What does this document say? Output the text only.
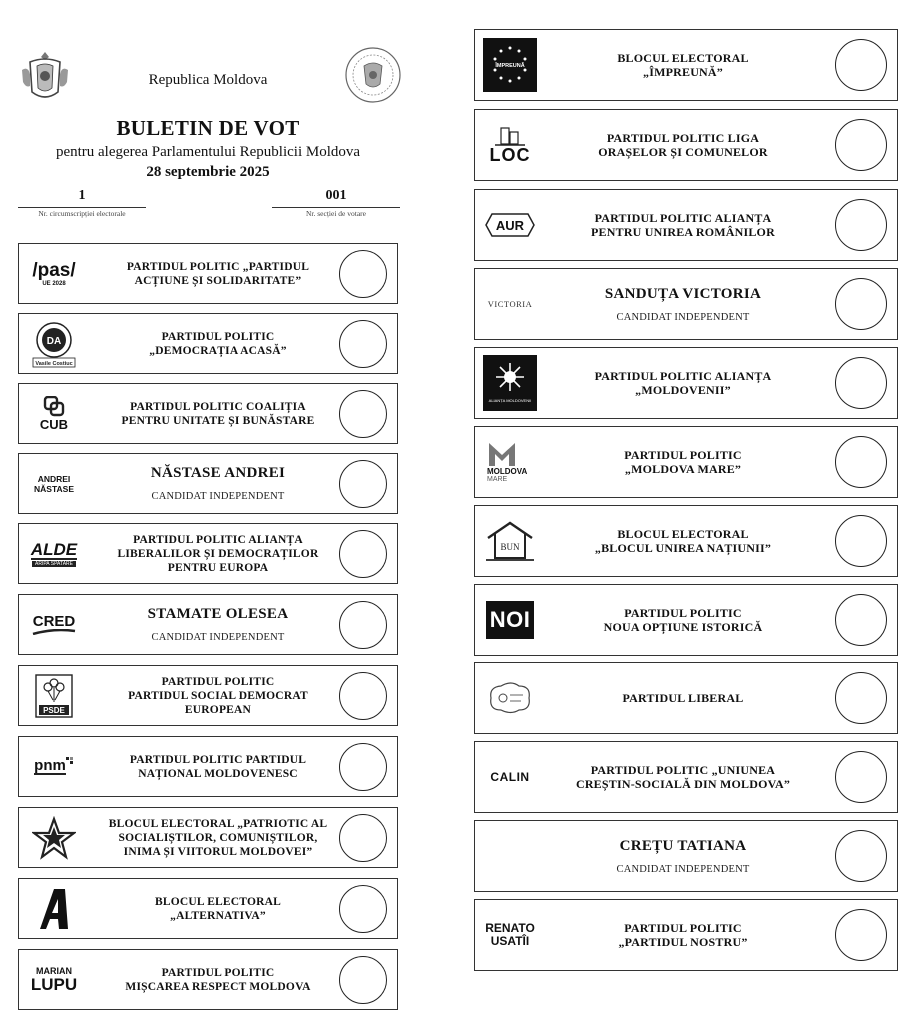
Republica Moldova
BULETIN DE VOT
pentru alegerea Parlamentului Republicii Moldova
28 septembrie 2025
1
Nr. circumscripției electorale
001
Nr. secției de votare
/pas/
UE 2028
PARTIDUL POLITIC „PARTIDUL
ACȚIUNE ȘI SOLIDARITATE”
DA
Vasile Costiuc
PARTIDUL POLITIC
„DEMOCRAȚIA ACASĂ”
CUB
PARTIDUL POLITIC COALIȚIA
PENTRU UNITATE ȘI BUNĂSTARE
ANDREI NĂSTASE
NĂSTASE ANDREI
CANDIDAT INDEPENDENT
ALDE
ARIPA SPATARE
PARTIDUL POLITIC ALIANȚA
LIBERALILOR ȘI DEMOCRAȚILOR
PENTRU EUROPA
CRED	STAMATE OLESEA
CANDIDAT INDEPENDENT
PSDE
PARTIDUL POLITIC
PARTIDUL SOCIAL DEMOCRAT
EUROPEAN
pnm	PARTIDUL POLITIC PARTIDUL
NAȚIONAL MOLDOVENESC
BLOCUL ELECTORAL „PATRIOTIC AL
SOCIALIȘTILOR, COMUNIȘTILOR,
INIMA ȘI VIITORUL MOLDOVEI”
BLOCUL ELECTORAL
„ALTERNATIVA”
MARIAN
LUPU
PARTIDUL POLITIC
MIȘCAREA RESPECT MOLDOVA
ÎMPREUNĂ
BLOCUL ELECTORAL
„ÎMPREUNĂ”
LOC
PARTIDUL POLITIC LIGA
ORAȘELOR ȘI COMUNELOR
AUR	PARTIDUL POLITIC ALIANȚA
PENTRU UNIREA ROMÂNILOR
VICTORIA
SANDUȚA VICTORIA
CANDIDAT INDEPENDENT
ALIANȚA MOLDOVENII
PARTIDUL POLITIC ALIANȚA
„MOLDOVENII”
MOLDOVA
MARE
PARTIDUL POLITIC
„MOLDOVA MARE”
BUN
BLOCUL ELECTORAL
„BLOCUL UNIREA NAȚIUNII”
NOI	PARTIDUL POLITIC
NOUA OPȚIUNE ISTORICĂ
PARTIDUL LIBERAL
CALIN	PARTIDUL POLITIC „UNIUNEA
CREȘTIN-SOCIALĂ DIN MOLDOVA”
CREȚU TATIANA
CANDIDAT INDEPENDENT
RENATO
USATÎI
PARTIDUL POLITIC
„PARTIDUL NOSTRU”
